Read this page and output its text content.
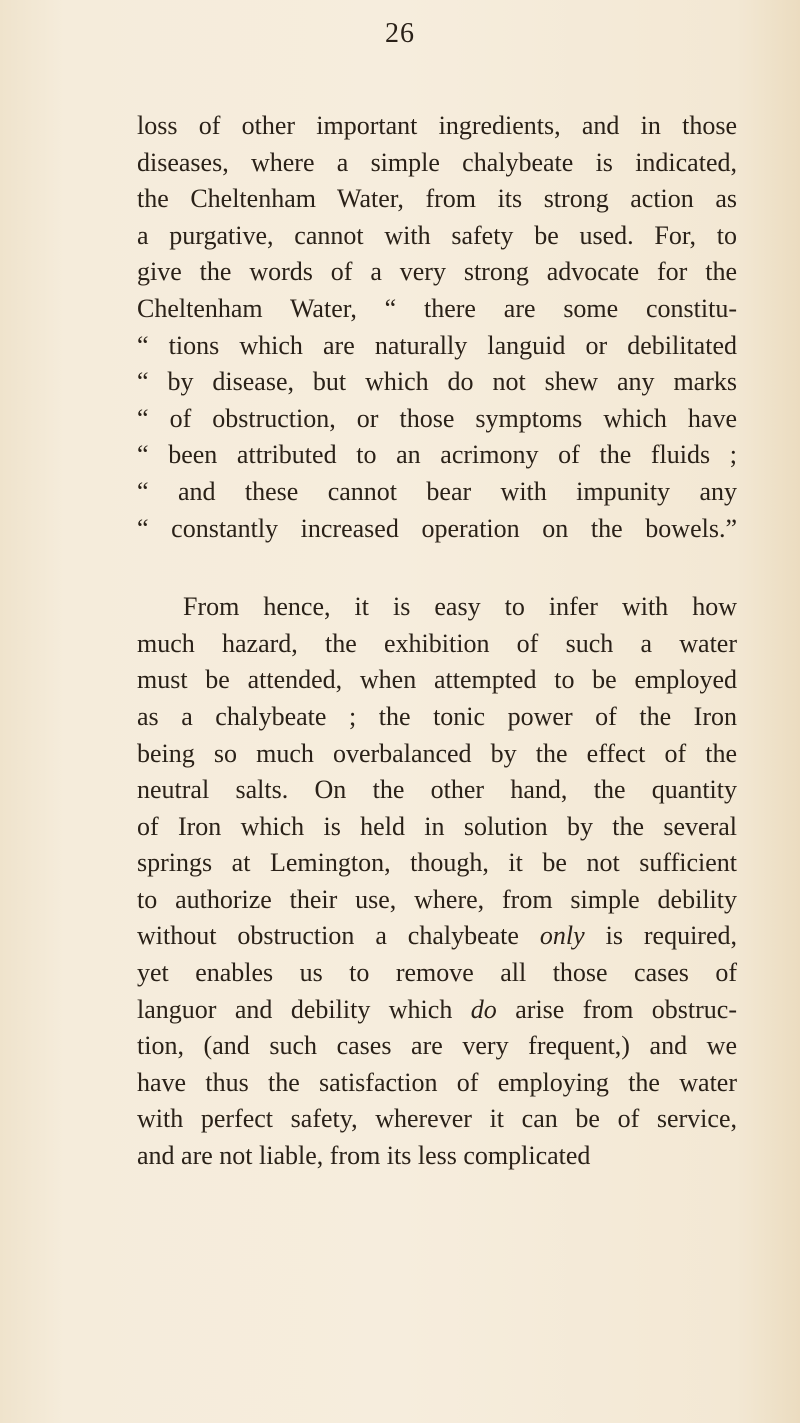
26
loss of other important ingredients, and in those
diseases, where a simple chalybeate is indicated,
the Cheltenham Water, from its strong action as
a purgative, cannot with safety be used. For, to
give the words of a very strong advocate for the
Cheltenham Water, “ there are some constitu-
“ tions which are naturally languid or debilitated
“ by disease, but which do not shew any marks
“ of obstruction, or those symptoms which have
“ been attributed to an acrimony of the fluids ;
“ and these cannot bear with impunity any
“ constantly increased operation on the bowels.”
From hence, it is easy to infer with how
much hazard, the exhibition of such a water
must be attended, when attempted to be employed
as a chalybeate ; the tonic power of the Iron
being so much overbalanced by the effect of the
neutral salts. On the other hand, the quantity
of Iron which is held in solution by the several
springs at Lemington, though, it be not sufficient
to authorize their use, where, from simple debility
without obstruction a chalybeate only is required,
yet enables us to remove all those cases of
languor and debility which do arise from obstruc-
tion, (and such cases are very frequent,) and we
have thus the satisfaction of employing the water
with perfect safety, wherever it can be of service,
and are not liable, from its less complicated
